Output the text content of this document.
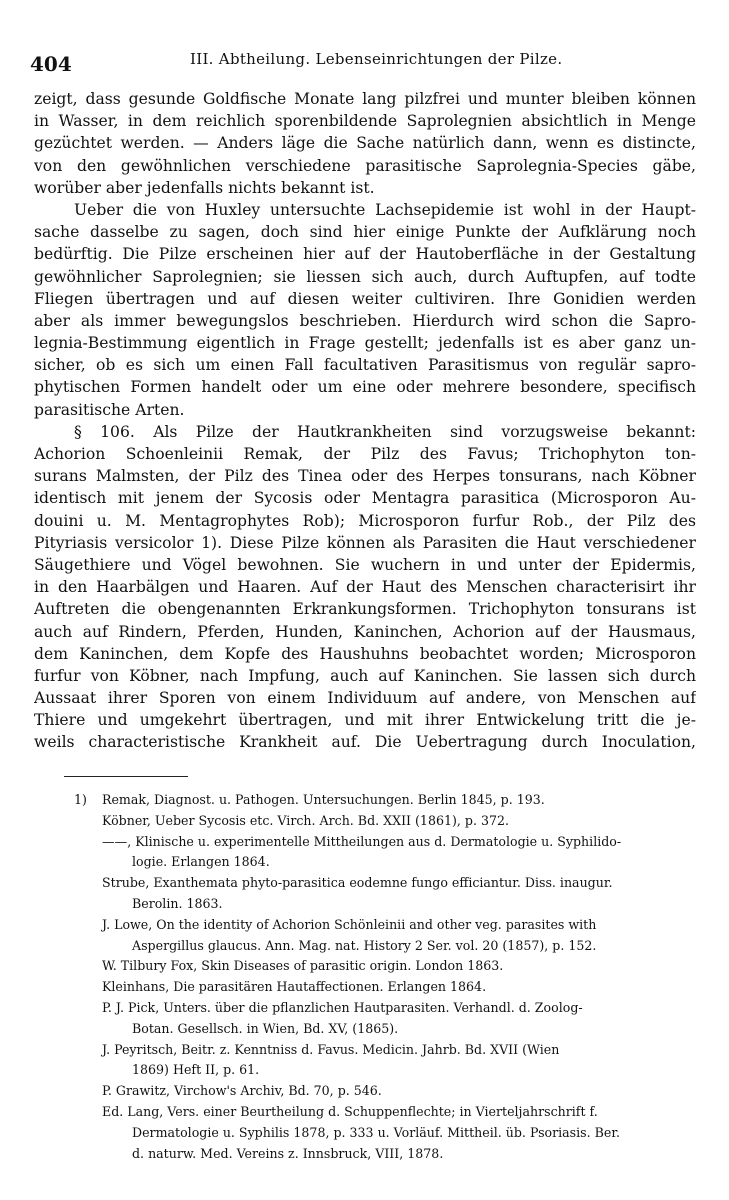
404	III. Abtheilung. Lebenseinrichtungen der Pilze.
zeigt, dass gesunde Goldfische Monate lang pilzfrei und munter bleiben können
in Wasser, in dem reichlich sporenbildende Saprolegnien absichtlich in Menge
gezüchtet werden. — Anders läge die Sache natürlich dann, wenn es distincte,
von den gewöhnlichen verschiedene parasitische Saprolegnia-Species gäbe,
worüber aber jedenfalls nichts bekannt ist.
Ueber die von Huxley untersuchte Lachsepidemie ist wohl in der Haupt-
sache dasselbe zu sagen, doch sind hier einige Punkte der Aufklärung noch
bedürftig. Die Pilze erscheinen hier auf der Hautoberfläche in der Gestaltung
gewöhnlicher Saprolegnien; sie liessen sich auch, durch Auftupfen, auf todte
Fliegen übertragen und auf diesen weiter cultiviren. Ihre Gonidien werden
aber als immer bewegungslos beschrieben. Hierdurch wird schon die Sapro-
legnia-Bestimmung eigentlich in Frage gestellt; jedenfalls ist es aber ganz un-
sicher, ob es sich um einen Fall facultativen Parasitismus von regulär sapro-
phytischen Formen handelt oder um eine oder mehrere besondere, specifisch
parasitische Arten.
§ 106. Als Pilze der Hautkrankheiten sind vorzugsweise bekannt:
Achorion Schoenleinii Remak, der Pilz des Favus; Trichophyton ton-
surans Malmsten, der Pilz des Tinea oder des Herpes tonsurans, nach Köbner
identisch mit jenem der Sycosis oder Mentagra parasitica (Microsporon Au-
douini u. M. Mentagrophytes Rob); Microsporon furfur Rob., der Pilz des
Pityriasis versicolor 1). Diese Pilze können als Parasiten die Haut verschiedener
Säugethiere und Vögel bewohnen. Sie wuchern in und unter der Epidermis,
in den Haarbälgen und Haaren. Auf der Haut des Menschen characterisirt ihr
Auftreten die obengenannten Erkrankungsformen. Trichophyton tonsurans ist
auch auf Rindern, Pferden, Hunden, Kaninchen, Achorion auf der Hausmaus,
dem Kaninchen, dem Kopfe des Haushuhns beobachtet worden; Microsporon
furfur von Köbner, nach Impfung, auch auf Kaninchen. Sie lassen sich durch
Aussaat ihrer Sporen von einem Individuum auf andere, von Menschen auf
Thiere und umgekehrt übertragen, und mit ihrer Entwickelung tritt die je-
weils characteristische Krankheit auf. Die Uebertragung durch Inoculation,
1) Remak, Diagnost. u. Pathogen. Untersuchungen. Berlin 1845, p. 193.
Köbner, Ueber Sycosis etc. Virch. Arch. Bd. XXII (1861), p. 372.
——, Klinische u. experimentelle Mittheilungen aus d. Dermatologie u. Syphilido-
logie. Erlangen 1864.
Strube, Exanthemata phyto-parasitica eodemne fungo efficiantur. Diss. inaugur.
Berolin. 1863.
J. Lowe, On the identity of Achorion Schönleinii and other veg. parasites with
Aspergillus glaucus. Ann. Mag. nat. History 2 Ser. vol. 20 (1857), p. 152.
W. Tilbury Fox, Skin Diseases of parasitic origin. London 1863.
Kleinhans, Die parasitären Hautaffectionen. Erlangen 1864.
P. J. Pick, Unters. über die pflanzlichen Hautparasiten. Verhandl. d. Zoolog-
Botan. Gesellsch. in Wien, Bd. XV, (1865).
J. Peyritsch, Beitr. z. Kenntniss d. Favus. Medicin. Jahrb. Bd. XVII (Wien
1869) Heft II, p. 61.
P. Grawitz, Virchow's Archiv, Bd. 70, p. 546.
Ed. Lang, Vers. einer Beurtheilung d. Schuppenflechte; in Vierteljahrschrift f.
Dermatologie u. Syphilis 1878, p. 333 u. Vorläuf. Mittheil. üb. Psoriasis. Ber.
d. naturw. Med. Vereins z. Innsbruck, VIII, 1878.
